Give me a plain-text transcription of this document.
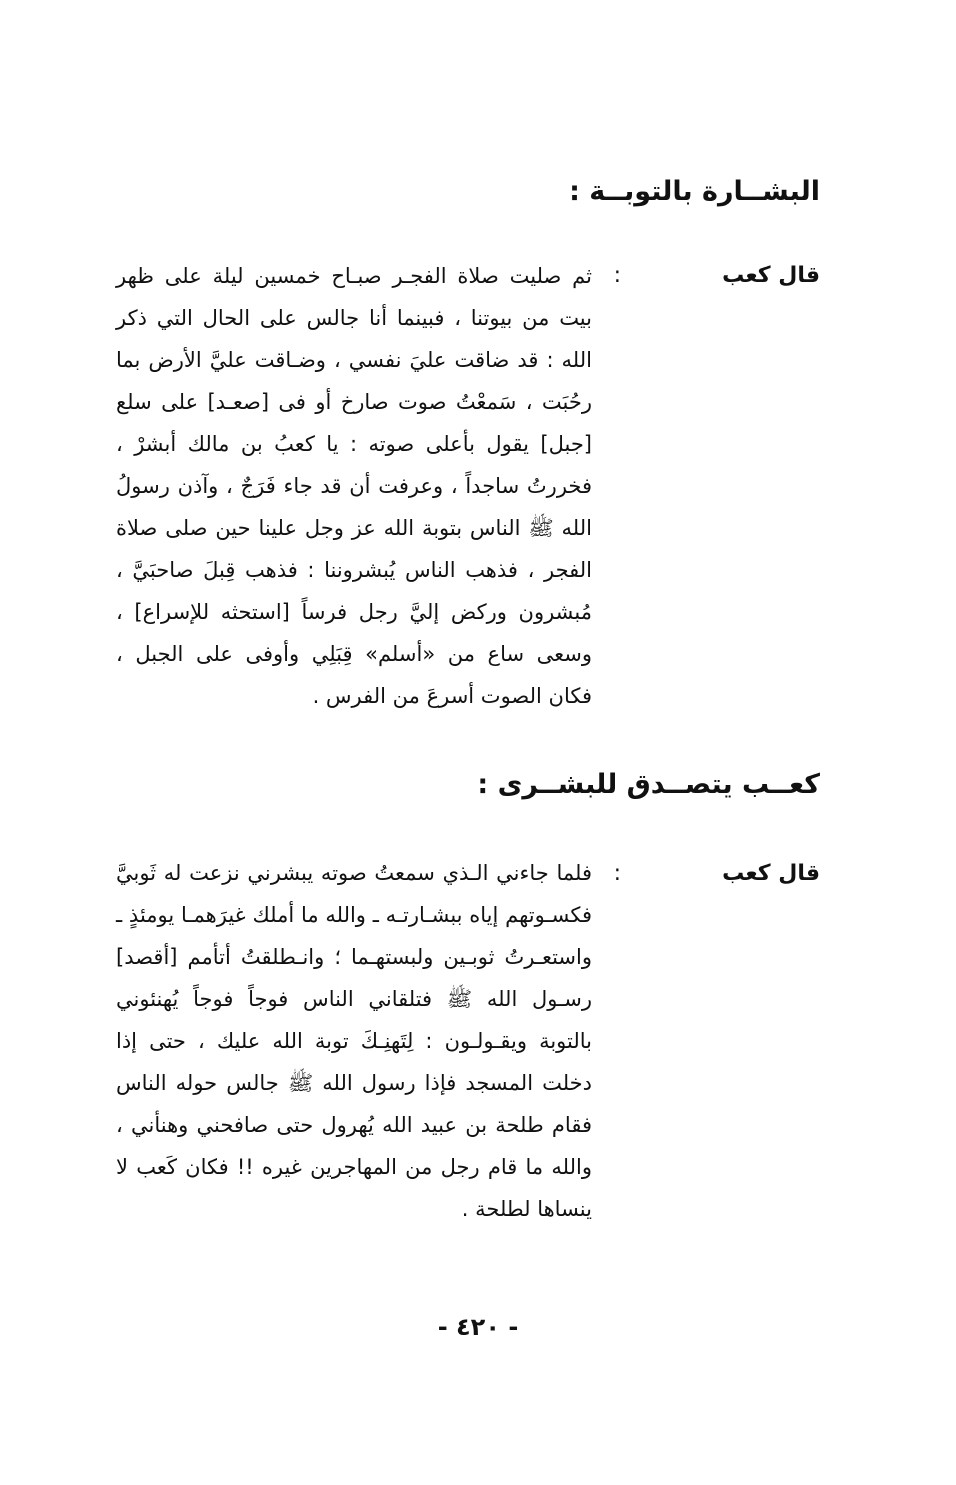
البشــارة بالتوبــة :
قال كعب
:

ثم صليت صلاة الفجـر صبـاح خمسين ليلة على ظهر بيت من بيوتنا ، فبينما أنا جالس على الحال التي ذكر الله : قد ضاقت عليَ نفسي ، وضـاقت عليَّ الأرض بما رحُبَت ، سَمعْتُ صوت صارخ أو فى [صعـد] على سلع [جبل] يقول بأعلى صوته : يا كعبُ بن مالك أبشرْ ، فخررتُ ساجداً ، وعرفت أن قد جاء فَرَجٌ ، وآذن رسولُ الله ﷺ الناس بتوبة الله عز وجل علينا حين صلى صلاة الفجر ، فذهب الناس يُبشروننا : فذهب قِبلَ صاحبَيَّ ، مُبشرون وركض إليَّ رجل فرساً [استحثه للإسراع] ، وسعى ساع من «أسلم» قِبَلِي وأوفى على الجبل ، فكان الصوت أسرعَ من الفرس .

كعــب يتصــدق للبشــرى :
قال كعب
:

فلما جاءني الـذي سمعتُ صوته يبشرني نزعت له ثَوبيَّ فكسـوتهم إياه ببشـارتـه ـ والله ما أملك غيرَهمـا يومئذٍ ـ واستعـرتُ ثوبـين ولبستهـما ؛ وانـطلقتُ أتأمم [أقصد] رسـول الله ﷺ فتلقاني الناس فوجاً فوجاً يُهنئوني بالتوبة ويقـولـون : لِتَهنِـكَ توبة الله عليك ، حتى إذا دخلت المسجد فإذا رسول الله ﷺ جالس حوله الناس فقام طلحة بن عبيد الله يُهرول حتى صافحني وهنأني ، والله ما قام رجل من المهاجرين غيره !! فكان كَعب لا ينساها لطلحة .

- ٤٢٠ -
